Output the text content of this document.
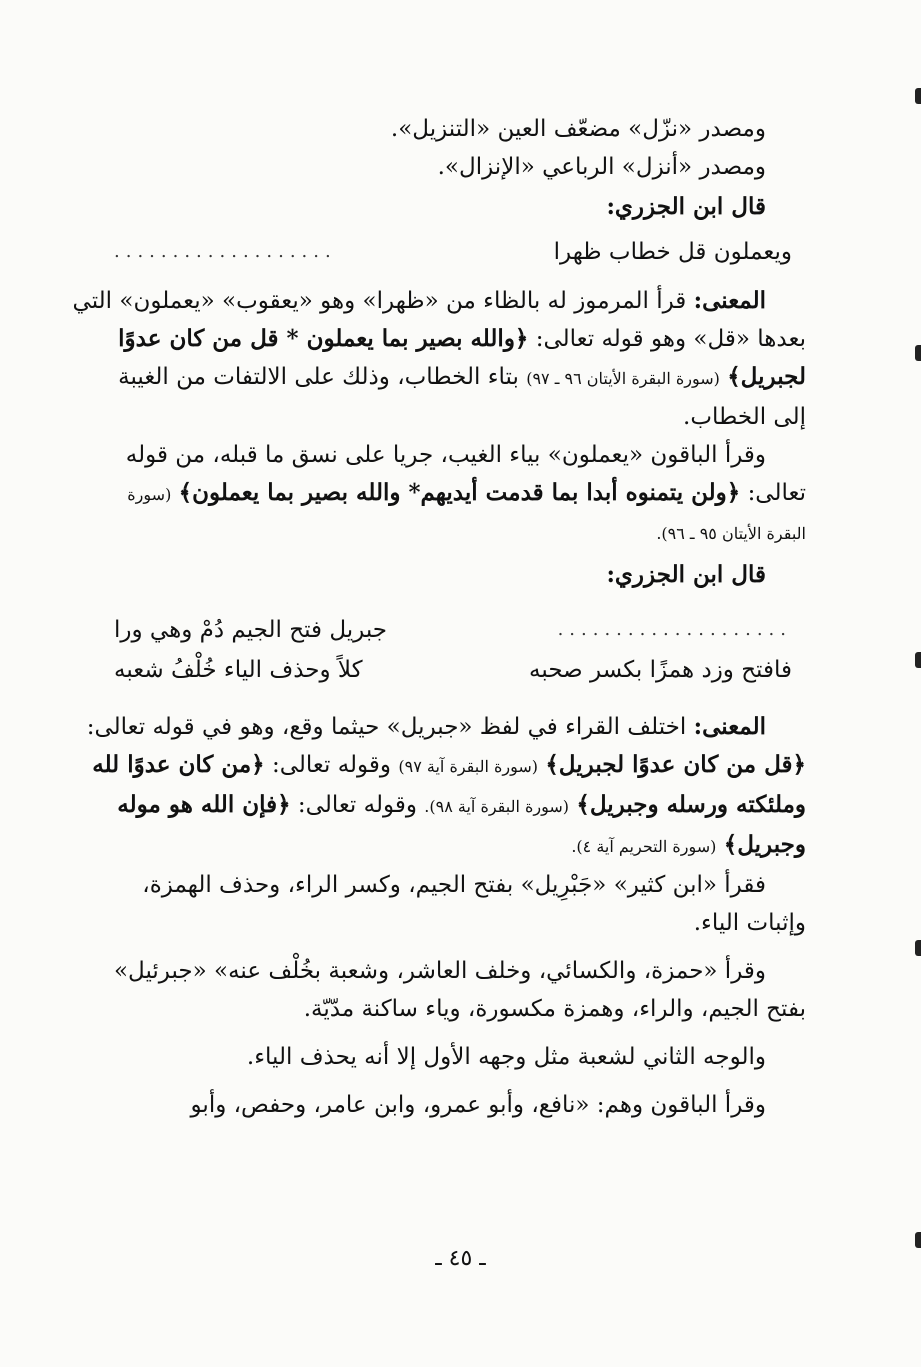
ومصدر «نزّل» مضعّف العين «التنزيل».
ومصدر «أنزل» الرباعي «الإنزال».
قال ابن الجزري:
ويعملون قل خطاب ظهرا
...................
المعنى: قرأ المرموز له بالظاء من «ظهرا» وهو «يعقوب» «يعملون» التي
بعدها «قل» وهو قوله تعالى: ﴿والله بصير بما يعملون * قل من كان عدوًا
لجبريل﴾ (سورة البقرة الأيتان ٩٦ ـ ٩٧) بتاء الخطاب، وذلك على الالتفات من الغيبة
إلى الخطاب.
وقرأ الباقون «يعملون» بياء الغيب، جريا على نسق ما قبله، من قوله
تعالى: ﴿ولن يتمنوه أبدا بما قدمت أيديهم* والله بصير بما يعملون﴾ (سورة
البقرة الأيتان ٩٥ ـ ٩٦).
قال ابن الجزري:
....................
جبريل فتح الجيم دُمْ وهي ورا
فافتح وزد همزًا بكسر صحبه
كلاً وحذف الياء خُلْفُ شعبه
المعنى: اختلف القراء في لفظ «جبريل» حيثما وقع، وهو في قوله تعالى:
﴿قل من كان عدوًا لجبريل﴾ (سورة البقرة آية ٩٧) وقوله تعالى: ﴿من كان عدوًا لله
وملئكته ورسله وجبريل﴾ (سورة البقرة آية ٩٨). وقوله تعالى: ﴿فإن الله هو موله
وجبريل﴾ (سورة التحريم آية ٤).
فقرأ «ابن كثير» «جَبْرِيل» بفتح الجيم، وكسر الراء، وحذف الهمزة،
وإثبات الياء.
وقرأ «حمزة، والكسائي، وخلف العاشر، وشعبة بخُلْف عنه» «جبرئيل»
بفتح الجيم، والراء، وهمزة مكسورة، وياء ساكنة مدّيّة.
والوجه الثاني لشعبة مثل وجهه الأول إلا أنه يحذف الياء.
وقرأ الباقون وهم: «نافع، وأبو عمرو، وابن عامر، وحفص، وأبو
ـ ٤٥ ـ
